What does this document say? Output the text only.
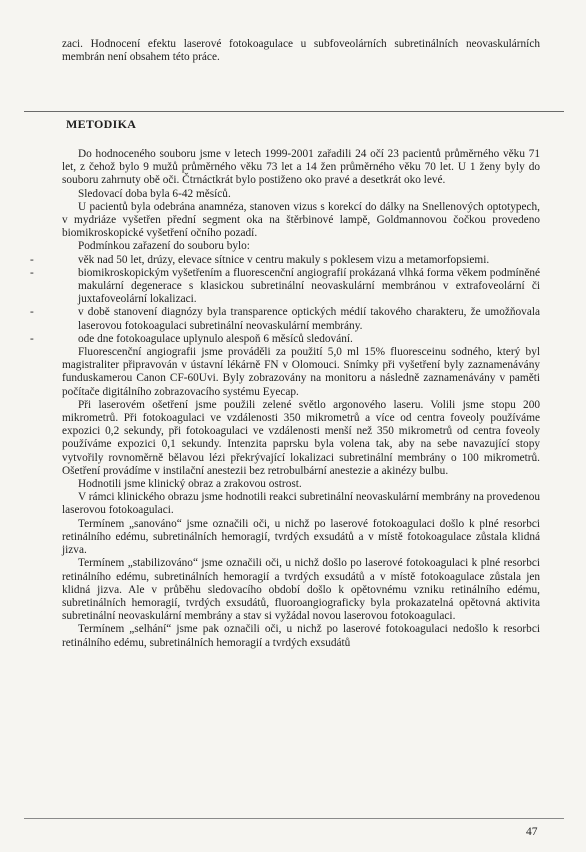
zaci. Hodnocení efektu laserové fotokoagulace u subfoveolárních subretinálních neovaskulárních membrán není obsahem této práce.

METODIKA

Do hodnoceného souboru jsme v letech 1999-2001 zařadili 24 očí 23 pacientů průměrného věku 71 let, z čehož bylo 9 mužů průměrného věku 73 let a 14 žen průměrného věku 70 let. U 1 ženy byly do souboru zahrnuty obě oči. Čtrnáctkrát bylo postiženo oko pravé a desetkrát oko levé.

Sledovací doba byla 6-42 měsíců.

U pacientů byla odebrána anamnéza, stanoven vizus s korekcí do dálky na Snellenových optotypech, v mydriáze vyšetřen přední segment oka na štěrbinové lampě, Goldmannovou čočkou provedeno biomikroskopické vyšetření očního pozadí.

Podmínkou zařazení do souboru bylo:

- věk nad 50 let, drúzy, elevace sítnice v centru makuly s poklesem vizu a metamorfopsiemi.
- biomikroskopickým vyšetřením a fluorescenční angiografií prokázaná vlhká forma věkem podmíněné makulární degenerace s klasickou subretinální neovaskulární membránou v extrafoveolární či juxtafoveolární lokalizaci.
- v době stanovení diagnózy byla transparence optických médií takového charakteru, že umožňovala laserovou fotokoagulaci subretinální neovaskulární membrány.
- ode dne fotokoagulace uplynulo alespoň 6 měsíců sledování.

Fluorescenční angiografii jsme prováděli za použití 5,0 ml 15% fluoresceinu sodného, který byl magistraliter připravován v ústavní lékárně FN v Olomouci. Snímky při vyšetření byly zaznamenávány funduskamerou Canon CF-60Uvi. Byly zobrazovány na monitoru a následně zaznamenávány v paměti počítače digitálního zobrazovacího systému Eyecap.

Při laserovém ošetření jsme použili zelené světlo argonového laseru. Volili jsme stopu 200 mikrometrů. Při fotokoagulaci ve vzdálenosti 350 mikrometrů a více od centra foveoly používáme expozici 0,2 sekundy, při fotokoagulaci ve vzdálenosti menší než 350 mikrometrů od centra foveoly používáme expozici 0,1 sekundy. Intenzita paprsku byla volena tak, aby na sebe navazující stopy vytvořily rovnoměrně bělavou lézi překrývající lokalizaci subretinální membrány o 100 mikrometrů. Ošetření provádíme v instilační anestezii bez retrobulbární anestezie a akinézy bulbu.

Hodnotili jsme klinický obraz a zrakovou ostrost.

V rámci klinického obrazu jsme hodnotili reakci subretinální neovaskulární membrány na provedenou laserovou fotokoagulaci.

Termínem „sanováno“ jsme označili oči, u nichž po laserové fotokoagulaci došlo k plné resorbci retinálního edému, subretinálních hemoragií, tvrdých exsudátů a v místě fotokoagulace zůstala klidná jizva.

Termínem „stabilizováno“ jsme označili oči, u nichž došlo po laserové fotokoagulaci k plné resorbci retinálního edému, subretinálních hemoragií a tvrdých exsudátů a v místě fotokoagulace zůstala jen klidná jizva. Ale v průběhu sledovacího období došlo k opětovnému vzniku retinálního edému, subretinálních hemoragií, tvrdých exsudátů, fluoroangiograficky byla prokazatelná opětovná aktivita subretinální neovaskulární membrány a stav si vyžádal novou laserovou fotokoagulaci.

Termínem „selhání“ jsme pak označili oči, u nichž po laserové fotokoagulaci nedošlo k resorbci retinálního edému, subretinálních hemoragií a tvrdých exsudátů

47
